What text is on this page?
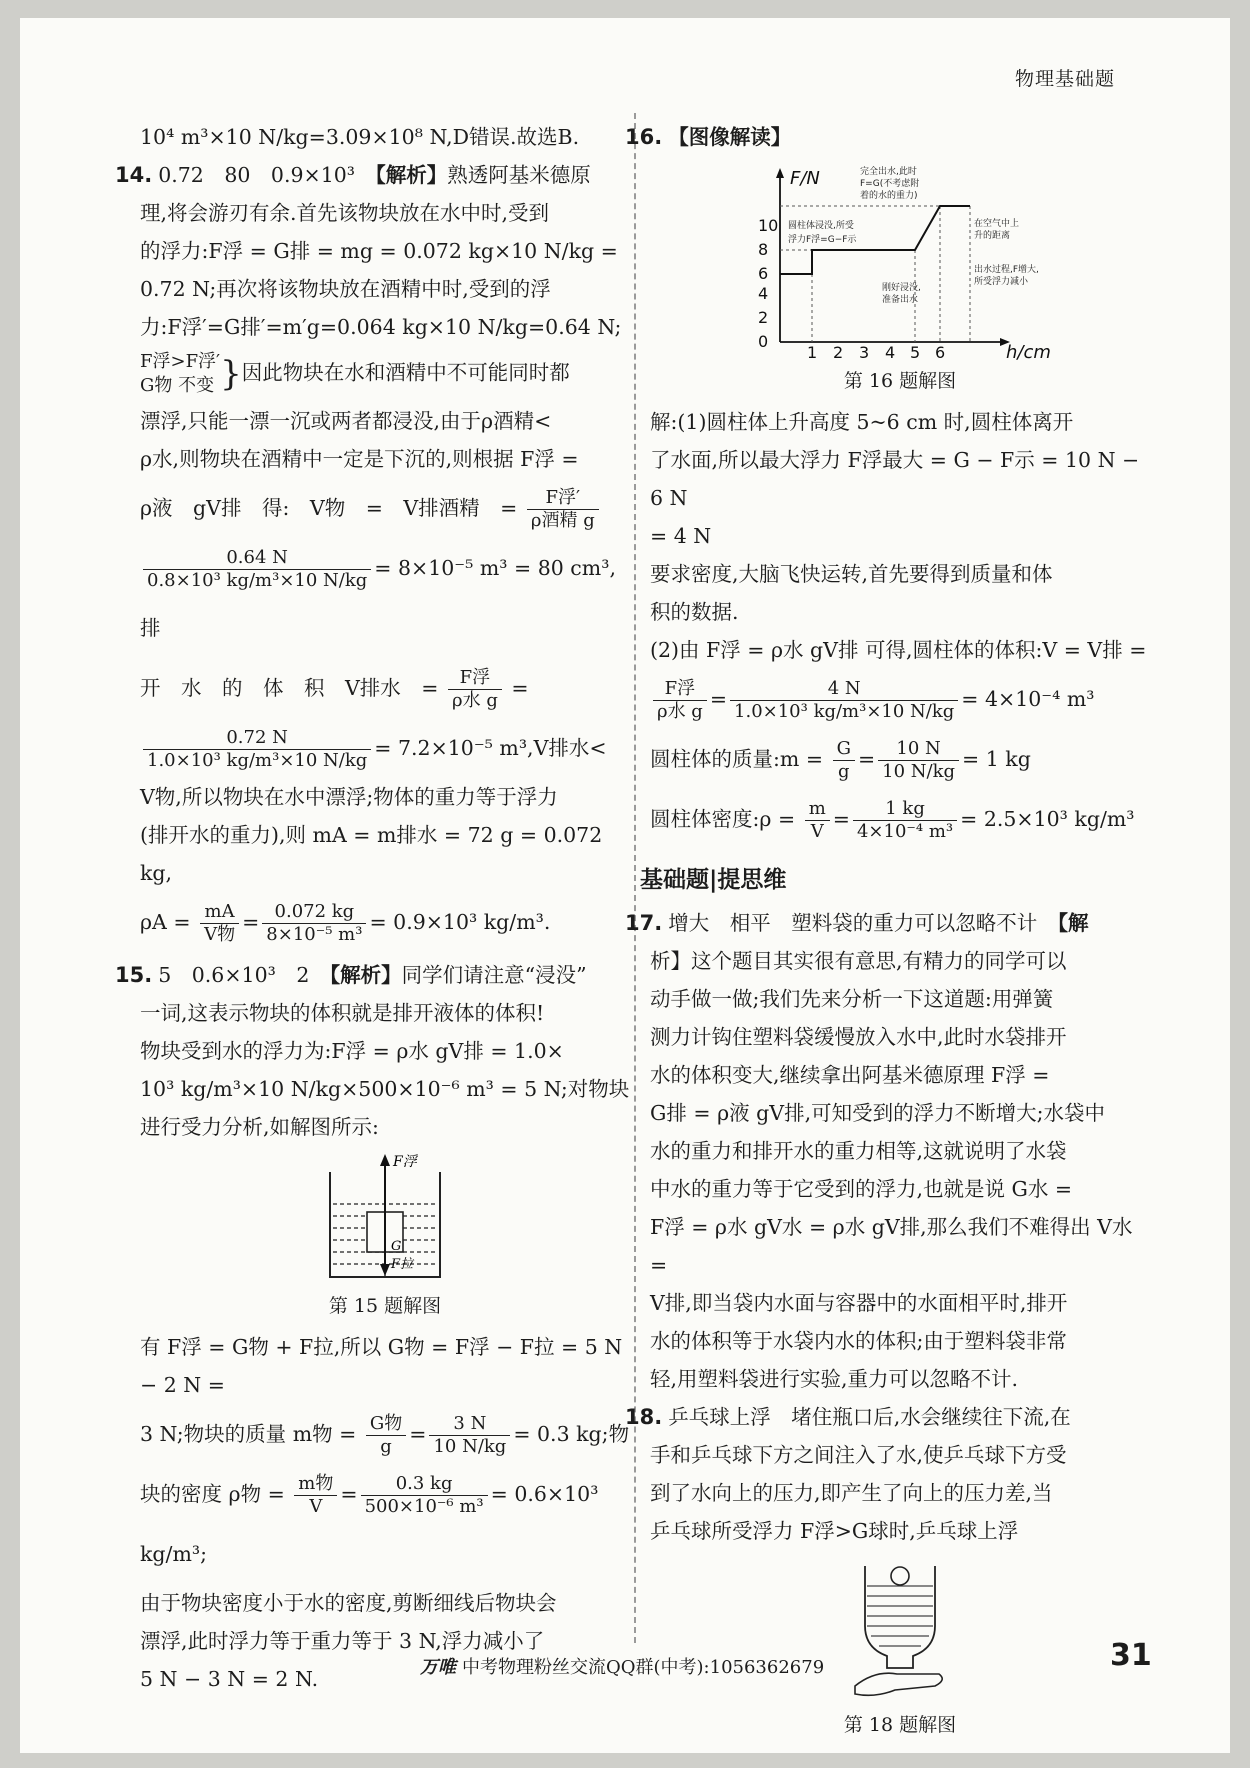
物理基础题

10⁴ m³×10 N/kg=3.09×10⁸ N,D错误.故选B.

14. 0.72　80　0.9×10³　 【解析】熟透阿基米德原

理,将会游刃有余.首先该物块放在水中时,受到

的浮力:F浮 = G排 = mg = 0.072 kg×10 N/kg =

0.72 N;再次将该物块放在酒精中时,受到的浮

力:F浮′=G排′=m′g=0.064 kg×10 N/kg=0.64 N;

F浮>F浮′
G物 不变 }因此物块在水和酒精中不可能同时都

漂浮,只能一漂一沉或两者都浸没,由于ρ酒精<

ρ水,则物块在酒精中一定是下沉的,则根据 F浮 =

ρ液　gV排　得:　V物　=　V排酒精　= $\frac{\text{F浮′}}{\text{ρ酒精 g}}$

$\frac{0.64 N}{\text{0.8×10³ kg/m³×10 N/kg}} = 8\times 10^{-5}$ m³ = 80 cm³,排

开　水　的　体　积　V排水　= $\frac{\text{F浮}}{\text{ρ水 g}}$ =

$\frac{0.72 N}{\text{1.0×10³ kg/m³×10 N/kg}} = 7.2\times 10^{-5}$ m³,V排水<

V物,所以物块在水中漂浮;物体的重力等于浮力

(排开水的重力),则 mA = m排水 = 72 g = 0.072 kg,

$\rho A = \frac{mA}{\text{V物}} = \frac{0.072 kg}{\text{8×10⁻⁵ m³}} = 0.9\times 10^3$ kg/m³.

15. 5　0.6×10³　2　 【解析】同学们请注意“浸没”

一词,这表示物块的体积就是排开液体的体积!

物块受到水的浮力为:F浮 = ρ水 gV排 = 1.0×

10³ kg/m³×10 N/kg×500×10⁻⁶ m³ = 5 N;对物块

进行受力分析,如解图所示:

F浮
G
F拉
第 15 题解图

有 F浮 = G物 + F拉,所以 G物 = F浮 − F拉 = 5 N − 2 N =

3 N;物块的质量 m物 = $\frac{\text{G物}}{g} = \frac{3 N}{10 N/kg} = 0.3$ kg;物

块的密度 ρ物 = $\frac{\text{m物}}{V} = \frac{0.3 kg}{\text{500×10⁻⁶ m³}} = 0.6\times 10^3$ kg/m³;

由于物块密度小于水的密度,剪断细线后物块会

漂浮,此时浮力等于重力等于 3 N,浮力减小了

5 N − 3 N = 2 N.

16. 【图像解读】

F/N
h/cm
0
2
4
6
8
10
1 2 3 4 5 6
完全出水,此时
F=G(不考虑附
着的水的重力)
圆柱体浸没,所受
浮力F浮=G−F示
在空气中上
升的距离
出水过程,F增大,
所受浮力减小
刚好浸没,
准备出水
第 16 题解图

解:(1)圆柱体上升高度 5~6 cm 时,圆柱体离开

了水面,所以最大浮力 F浮最大 = G − F示 = 10 N − 6 N

= 4 N

要求密度,大脑飞快运转,首先要得到质量和体

积的数据.

(2)由 F浮 = ρ水 gV排 可得,圆柱体的体积:V = V排 =

$\frac{\text{F浮}}{\text{ρ水 g}} = \frac{4 N}{\text{1.0×10³ kg/m³×10 N/kg}} = 4\times 10^{-4}$ m³

圆柱体的质量:m = $\frac{G}{g} = \frac{10 N}{10 N/kg} = 1$ kg

圆柱体密度:ρ = $\frac{m}{V} = \frac{1 kg}{\text{4×10⁻⁴ m³}} = 2.5\times 10^3$ kg/m³

基础题|提思维

17. 增大　相平　塑料袋的重力可以忽略不计　 【解

析】这个题目其实很有意思,有精力的同学可以

动手做一做;我们先来分析一下这道题:用弹簧

测力计钩住塑料袋缓慢放入水中,此时水袋排开

水的体积变大,继续拿出阿基米德原理 F浮 =

G排 = ρ液 gV排,可知受到的浮力不断增大;水袋中

水的重力和排开水的重力相等,这就说明了水袋

中水的重力等于它受到的浮力,也就是说 G水 =

F浮 = ρ水 gV水 = ρ水 gV排,那么我们不难得出 V水 =

V排,即当袋内水面与容器中的水面相平时,排开

水的体积等于水袋内水的体积;由于塑料袋非常

轻,用塑料袋进行实验,重力可以忽略不计.

18. 乒乓球上浮　 堵住瓶口后,水会继续往下流,在

手和乒乓球下方之间注入了水,使乒乓球下方受

到了水向上的压力,即产生了向上的压力差,当

乒乓球所受浮力 F浮>G球时,乒乓球上浮

第 18 题解图
万唯 中考物理粉丝交流QQ群(中考):1056362679	31
